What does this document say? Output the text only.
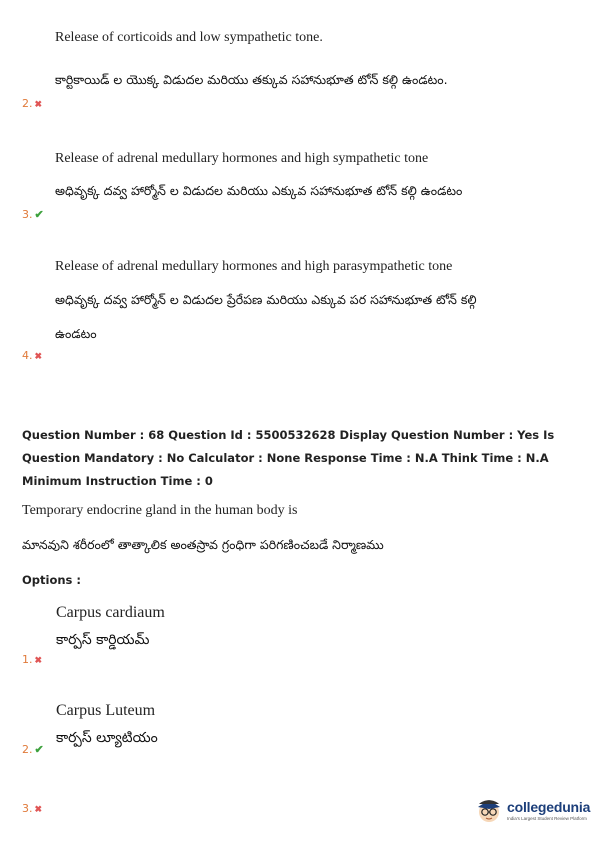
Release of corticoids and low sympathetic tone.
కార్టికాయిడ్ ల యొక్క విడుదల మరియు తక్కువ సహానుభూత టోన్ కల్గి ఉండటం.
2. ✖
Release of adrenal medullary hormones and high sympathetic tone
అధివృక్క దవ్వ హార్మోన్ ల విడుదల మరియు ఎక్కువ సహానుభూత టోన్ కల్గి ఉండటం
3. ✔
Release of adrenal medullary hormones and high parasympathetic tone
అధివృక్క దవ్వ హార్మోన్ ల విడుదల ప్రేరేపణ మరియు ఎక్కువ పర సహానుభూత టోన్ కల్గి
ఉండటం
4. ✖
Question Number : 68 Question Id : 5500532628 Display Question Number : Yes Is Question Mandatory : No Calculator : None Response Time : N.A Think Time : N.A Minimum Instruction Time : 0
Temporary endocrine gland in the human body is
మానవుని శరీరంలో తాత్కాలిక అంతస్రావ గ్రంధిగా పరిగణించబడే నిర్మాణము
Options :
Carpus cardiaum
కార్పస్ కార్డియమ్
1. ✖
Carpus Luteum
కార్పస్ ల్యూటియం
2. ✔
3. ✖	collegedunia
India's Largest Student Review Platform
